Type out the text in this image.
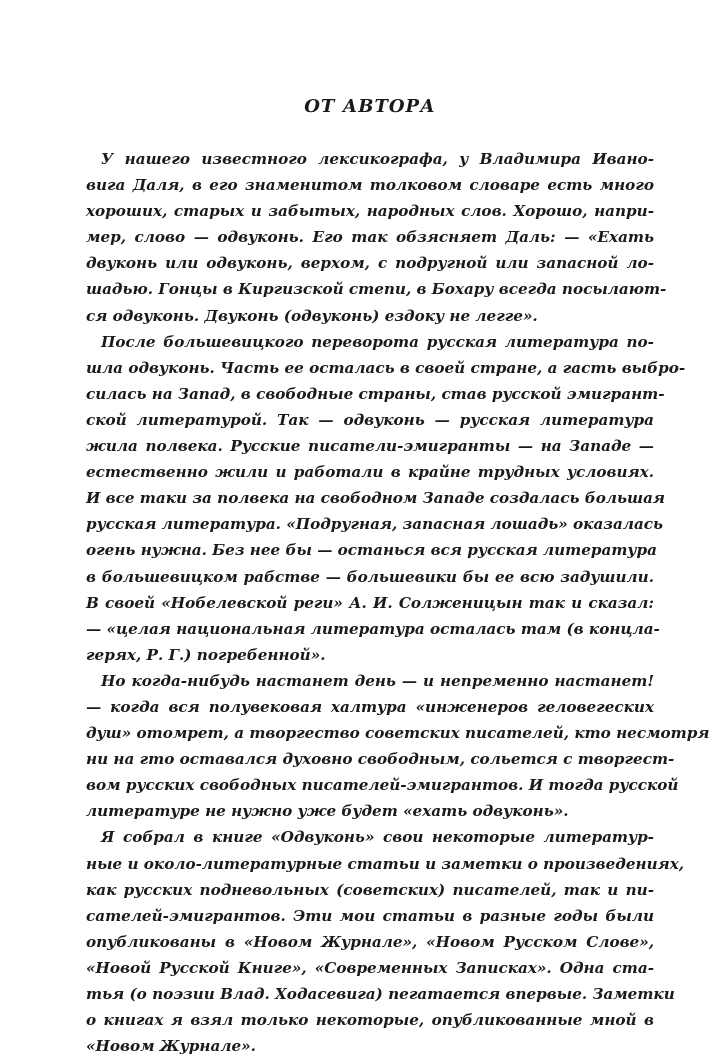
ОТ АВТОРА

У нашего известного лексикографа, у Владимира Ивано-
вига Даля, в его знаменитом толковом словаре есть много
хороших, старых и забытых, народных слов. Хорошо, напри-
мер, слово — одвуконь. Его так обзясняет Даль: — «Ехать
двуконь или одвуконь, верхом, с подругной или запасной ло-
шадью. Гонцы в Киргизской степи, в Бохару всегда посылают-
ся одвуконь. Двуконь (одвуконь) ездоку не легге».

После большевицкого переворота русская литература по-
шла одвуконь. Часть ее осталась в своей стране, а гасть выбро-
силась на Запад, в свободные страны, став русской эмигрант-
ской литературой. Так — одвуконь — русская литература
жила полвека. Русские писатели-эмигранты — на Западе —
естественно жили и работали в крайне трудных условиях.
И все таки за полвека на свободном Западе создалась большая
русская литература. «Подругная, запасная лошадь» оказалась
огень нужна. Без нее бы — останься вся русская литература
в большевицком рабстве — большевики бы ее всю задушили.
В своей «Нобелевской реги» А. И. Солженицын так и сказал:
— «целая национальная литература осталась там (в концла-
герях, Р. Г.) погребенной».

Но когда-нибудь настанет день — и непременно настанет!
— когда вся полувековая халтура «инженеров геловегеских
душ» отомрет, а творгество советских писателей, кто несмотря
ни на гто оставался духовно свободным, сольется с творгест-
вом русских свободных писателей-эмигрантов. И тогда русской
литературе не нужно уже будет «ехать одвуконь».

Я собрал в книге «Одвуконь» свои некоторые литератур-
ные и около-литературные статьи и заметки о произведениях,
как русских подневольных (советских) писателей, так и пи-
сателей-эмигрантов. Эти мои статьи в разные годы были
опубликованы в «Новом Журнале», «Новом Русском Слове»,
«Новой Русской Книге», «Современных Записках». Одна ста-
тья (о поэзии Влад. Ходасевига) пегатается впервые. Заметки
о книгах я взял только некоторые, опубликованные мной в
«Новом Журнале».
